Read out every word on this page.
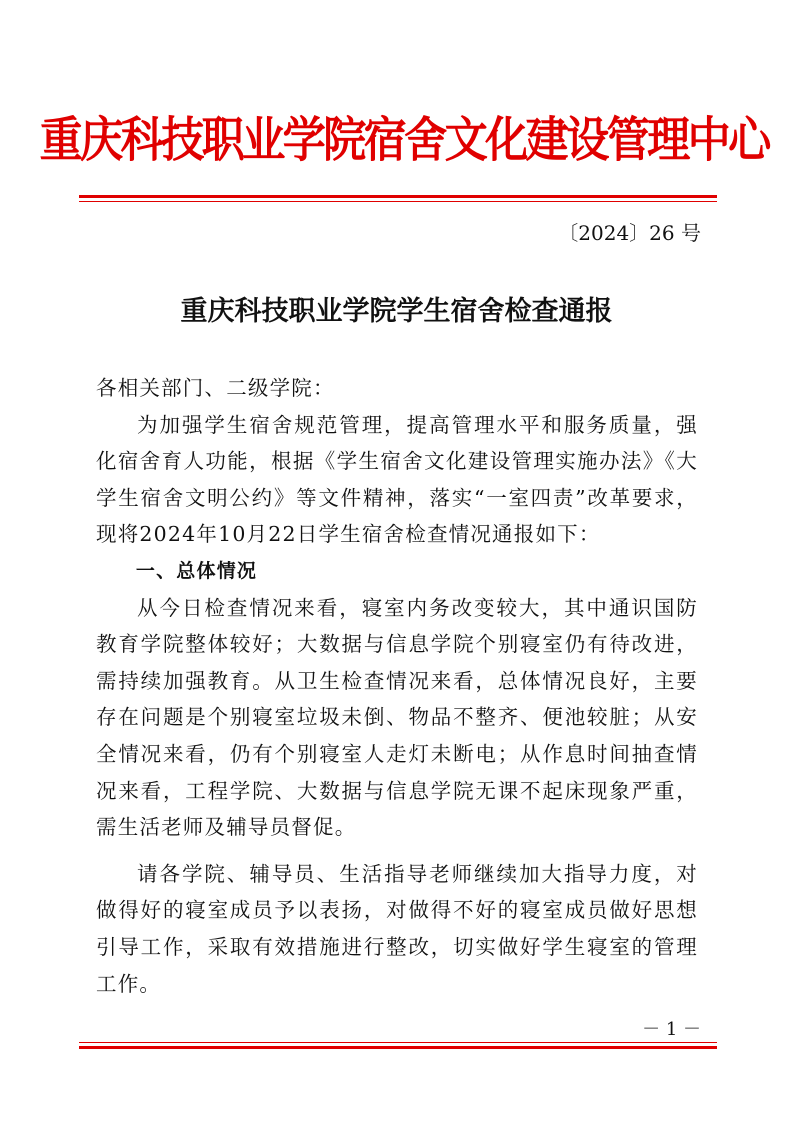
重庆科技职业学院宿舍文化建设管理中心
〔2024〕26 号
重庆科技职业学院学生宿舍检查通报

各相关部门、二级学院：

为加强学生宿舍规范管理，提高管理水平和服务质量，强化宿舍育人功能，根据《学生宿舍文化建设管理实施办法》《大学生宿舍文明公约》等文件精神，落实“一室四责”改革要求，现将2024年10月22日学生宿舍检查情况通报如下：

一、总体情况

从今日检查情况来看，寝室内务改变较大，其中通识国防教育学院整体较好；大数据与信息学院个别寝室仍有待改进，需持续加强教育。从卫生检查情况来看，总体情况良好，主要存在问题是个别寝室垃圾未倒、物品不整齐、便池较脏；从安全情况来看，仍有个别寝室人走灯未断电；从作息时间抽查情况来看，工程学院、大数据与信息学院无课不起床现象严重，需生活老师及辅导员督促。

请各学院、辅导员、生活指导老师继续加大指导力度，对做得好的寝室成员予以表扬，对做得不好的寝室成员做好思想引导工作，采取有效措施进行整改，切实做好学生寝室的管理工作。

－ 1 －
